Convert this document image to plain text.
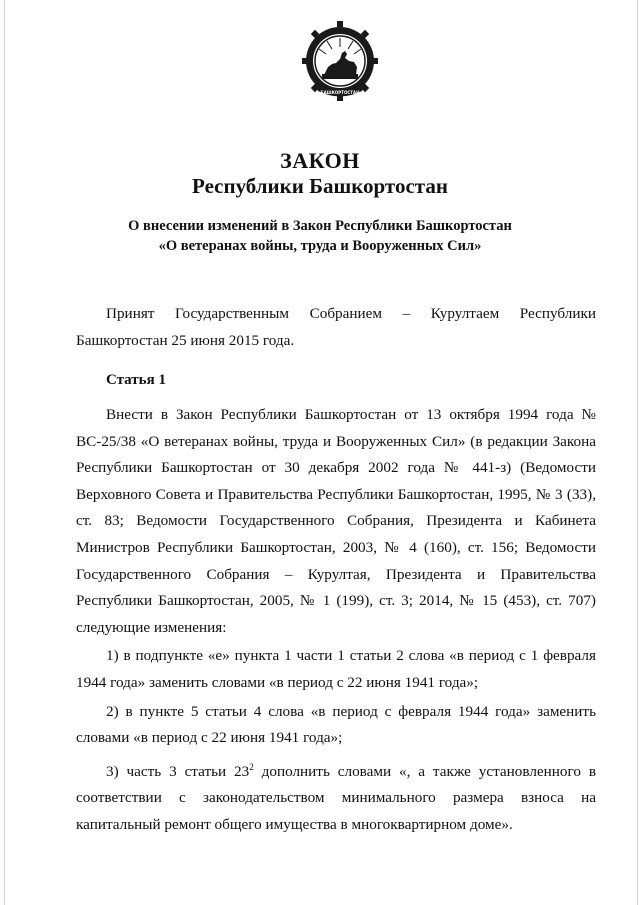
БАШКОРТОСТАН
ЗАКОН
Республики Башкортостан
О внесении изменений в Закон Республики Башкортостан
«О ветеранах войны, труда и Вооруженных Сил»

Принят Государственным Собранием – Курултаем Республики Башкортостан 25 июня 2015 года.

Статья 1

Внести в Закон Республики Башкортостан от 13 октября 1994 года № ВС-25/38 «О ветеранах войны, труда и Вооруженных Сил» (в редакции Закона Республики Башкортостан от 30 декабря 2002 года № 441-з) (Ведомости Верховного Совета и Правительства Республики Башкортостан, 1995, № 3 (33), ст. 83; Ведомости Государственного Собрания, Президента и Кабинета Министров Республики Башкортостан, 2003, № 4 (160), ст. 156; Ведомости Государственного Собрания – Курултая, Президента и Правительства Республики Башкортостан, 2005, № 1 (199), ст. 3; 2014, № 15 (453), ст. 707) следующие изменения:

1) в подпункте «е» пункта 1 части 1 статьи 2 слова «в период с 1 февраля 1944 года» заменить словами «в период с 22 июня 1941 года»;

2) в пункте 5 статьи 4 слова «в период с февраля 1944 года» заменить словами «в период с 22 июня 1941 года»;

3) часть 3 статьи $23^2$ дополнить словами «, а также установленного в соответствии с законодательством минимального размера взноса на капитальный ремонт общего имущества в многоквартирном доме».
